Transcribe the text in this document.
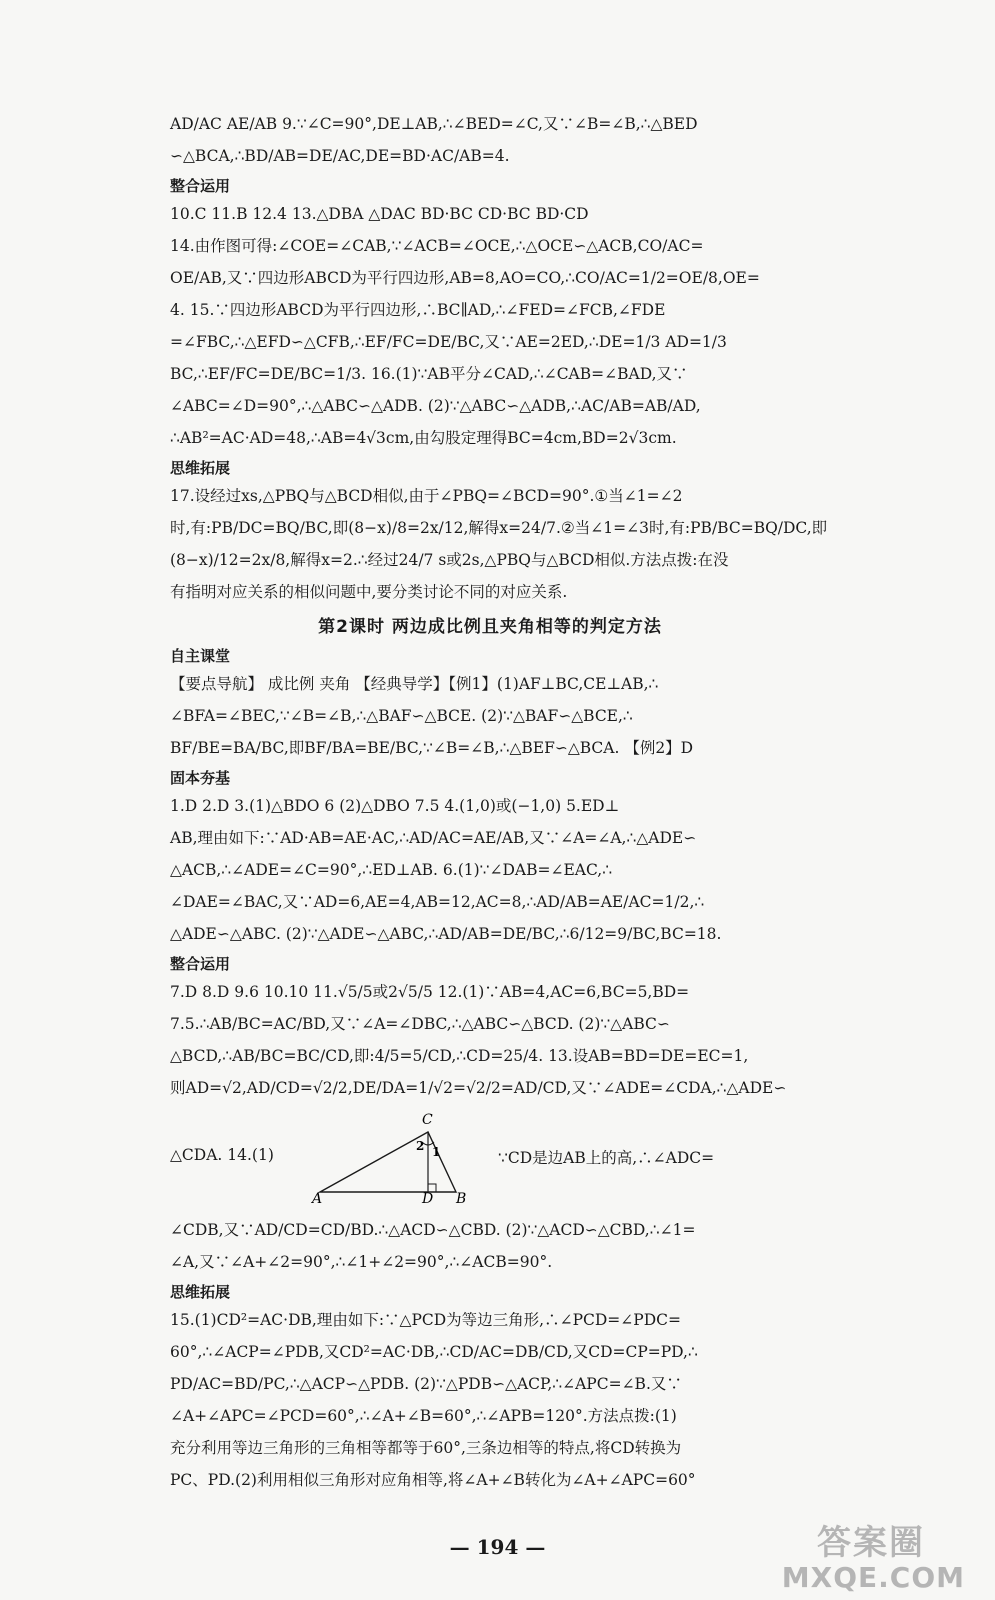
AD/AC AE/AB 9.∵∠C=90°,DE⊥AB,∴∠BED=∠C,又∵∠B=∠B,∴△BED
∽△BCA,∴BD/AB=DE/AC,DE=BD·AC/AB=4.
整合运用
10.C 11.B 12.4 13.△DBA △DAC BD·BC CD·BC BD·CD
14.由作图可得:∠COE=∠CAB,∵∠ACB=∠OCE,∴△OCE∽△ACB,CO/AC=
OE/AB,又∵四边形ABCD为平行四边形,AB=8,AO=CO,∴CO/AC=1/2=OE/8,OE=
4. 15.∵四边形ABCD为平行四边形,∴BC∥AD,∴∠FED=∠FCB,∠FDE
=∠FBC,∴△EFD∽△CFB,∴EF/FC=DE/BC,又∵AE=2ED,∴DE=1/3 AD=1/3
BC,∴EF/FC=DE/BC=1/3. 16.(1)∵AB平分∠CAD,∴∠CAB=∠BAD,又∵
∠ABC=∠D=90°,∴△ABC∽△ADB. (2)∵△ABC∽△ADB,∴AC/AB=AB/AD,
∴AB²=AC·AD=48,∴AB=4√3cm,由勾股定理得BC=4cm,BD=2√3cm.
思维拓展
17.设经过xs,△PBQ与△BCD相似,由于∠PBQ=∠BCD=90°.①当∠1=∠2
时,有:PB/DC=BQ/BC,即(8−x)/8=2x/12,解得x=24/7.②当∠1=∠3时,有:PB/BC=BQ/DC,即
(8−x)/12=2x/8,解得x=2.∴经过24/7 s或2s,△PBQ与△BCD相似.方法点拨:在没
有指明对应关系的相似问题中,要分类讨论不同的对应关系.
第2课时 两边成比例且夹角相等的判定方法
自主课堂
【要点导航】 成比例 夹角 【经典导学】【例1】(1)AF⊥BC,CE⊥AB,∴
∠BFA=∠BEC,∵∠B=∠B,∴△BAF∽△BCE. (2)∵△BAF∽△BCE,∴
BF/BE=BA/BC,即BF/BA=BE/BC,∵∠B=∠B,∴△BEF∽△BCA. 【例2】D
固本夯基
1.D 2.D 3.(1)△BDO 6 (2)△DBO 7.5 4.(1,0)或(−1,0) 5.ED⊥
AB,理由如下:∵AD·AB=AE·AC,∴AD/AC=AE/AB,又∵∠A=∠A,∴△ADE∽
△ACB,∴∠ADE=∠C=90°,∴ED⊥AB. 6.(1)∵∠DAB=∠EAC,∴
∠DAE=∠BAC,又∵AD=6,AE=4,AB=12,AC=8,∴AD/AB=AE/AC=1/2,∴
△ADE∽△ABC. (2)∵△ADE∽△ABC,∴AD/AB=DE/BC,∴6/12=9/BC,BC=18.
整合运用
7.D 8.D 9.6 10.10 11.√5/5或2√5/5 12.(1)∵AB=4,AC=6,BC=5,BD=
7.5.∴AB/BC=AC/BD,又∵∠A=∠DBC,∴△ABC∽△BCD. (2)∵△ABC∽
△BCD,∴AB/BC=BC/CD,即:4/5=5/CD,∴CD=25/4. 13.设AB=BD=DE=EC=1,
则AD=√2,AD/CD=√2/2,DE/DA=1/√2=√2/2=AD/CD,又∵∠ADE=∠CDA,∴△ADE∽
△CDA. 14.(1)
C
A	D B
1
2
∵CD是边AB上的高,∴∠ADC=
∠CDB,又∵AD/CD=CD/BD.∴△ACD∽△CBD. (2)∵△ACD∽△CBD,∴∠1=
∠A,又∵∠A+∠2=90°,∴∠1+∠2=90°,∴∠ACB=90°.
思维拓展
15.(1)CD²=AC·DB,理由如下:∵△PCD为等边三角形,∴∠PCD=∠PDC=
60°,∴∠ACP=∠PDB,又CD²=AC·DB,∴CD/AC=DB/CD,又CD=CP=PD,∴
PD/AC=BD/PC,∴△ACP∽△PDB. (2)∵△PDB∽△ACP,∴∠APC=∠B.又∵
∠A+∠APC=∠PCD=60°,∴∠A+∠B=60°,∴∠APB=120°.方法点拨:(1)
充分利用等边三角形的三角相等都等于60°,三条边相等的特点,将CD转换为
PC、PD.(2)利用相似三角形对应角相等,将∠A+∠B转化为∠A+∠APC=60°
— 194 —	答案圈
MXQE.COM
